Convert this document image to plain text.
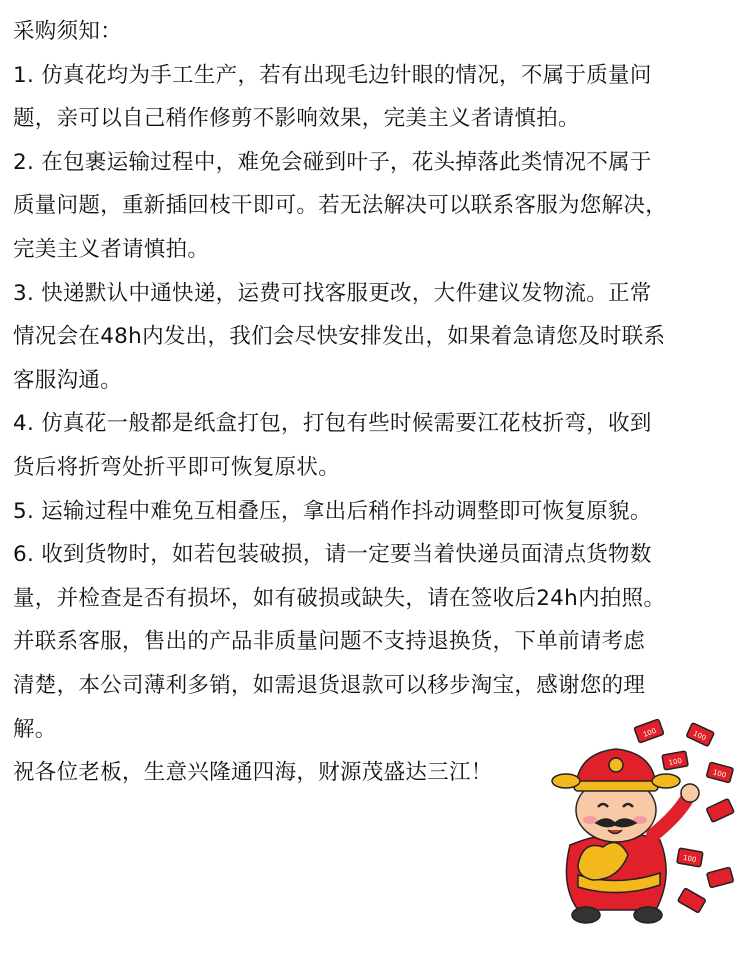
采购须知：
1. 仿真花均为手工生产，若有出现毛边针眼的情况，不属于质量问
题，亲可以自己稍作修剪不影响效果，完美主义者请慎拍。
2. 在包裹运输过程中，难免会碰到叶子，花头掉落此类情况不属于
质量问题，重新插回枝干即可。若无法解决可以联系客服为您解决，
完美主义者请慎拍。
3. 快递默认中通快递，运费可找客服更改，大件建议发物流。正常
情况会在48h内发出，我们会尽快安排发出，如果着急请您及时联系
客服沟通。
4. 仿真花一般都是纸盒打包，打包有些时候需要江花枝折弯，收到
货后将折弯处折平即可恢复原状。
5. 运输过程中难免互相叠压，拿出后稍作抖动调整即可恢复原貌。
6. 收到货物时，如若包装破损，请一定要当着快递员面清点货物数
量，并检查是否有损坏，如有破损或缺失，请在签收后24h内拍照。
并联系客服，售出的产品非质量问题不支持退换货，下单前请考虑
清楚，本公司薄利多销，如需退货退款可以移步淘宝，感谢您的理
解。
祝各位老板，生意兴隆通四海，财源茂盛达三江！
100	100
100
100
100
